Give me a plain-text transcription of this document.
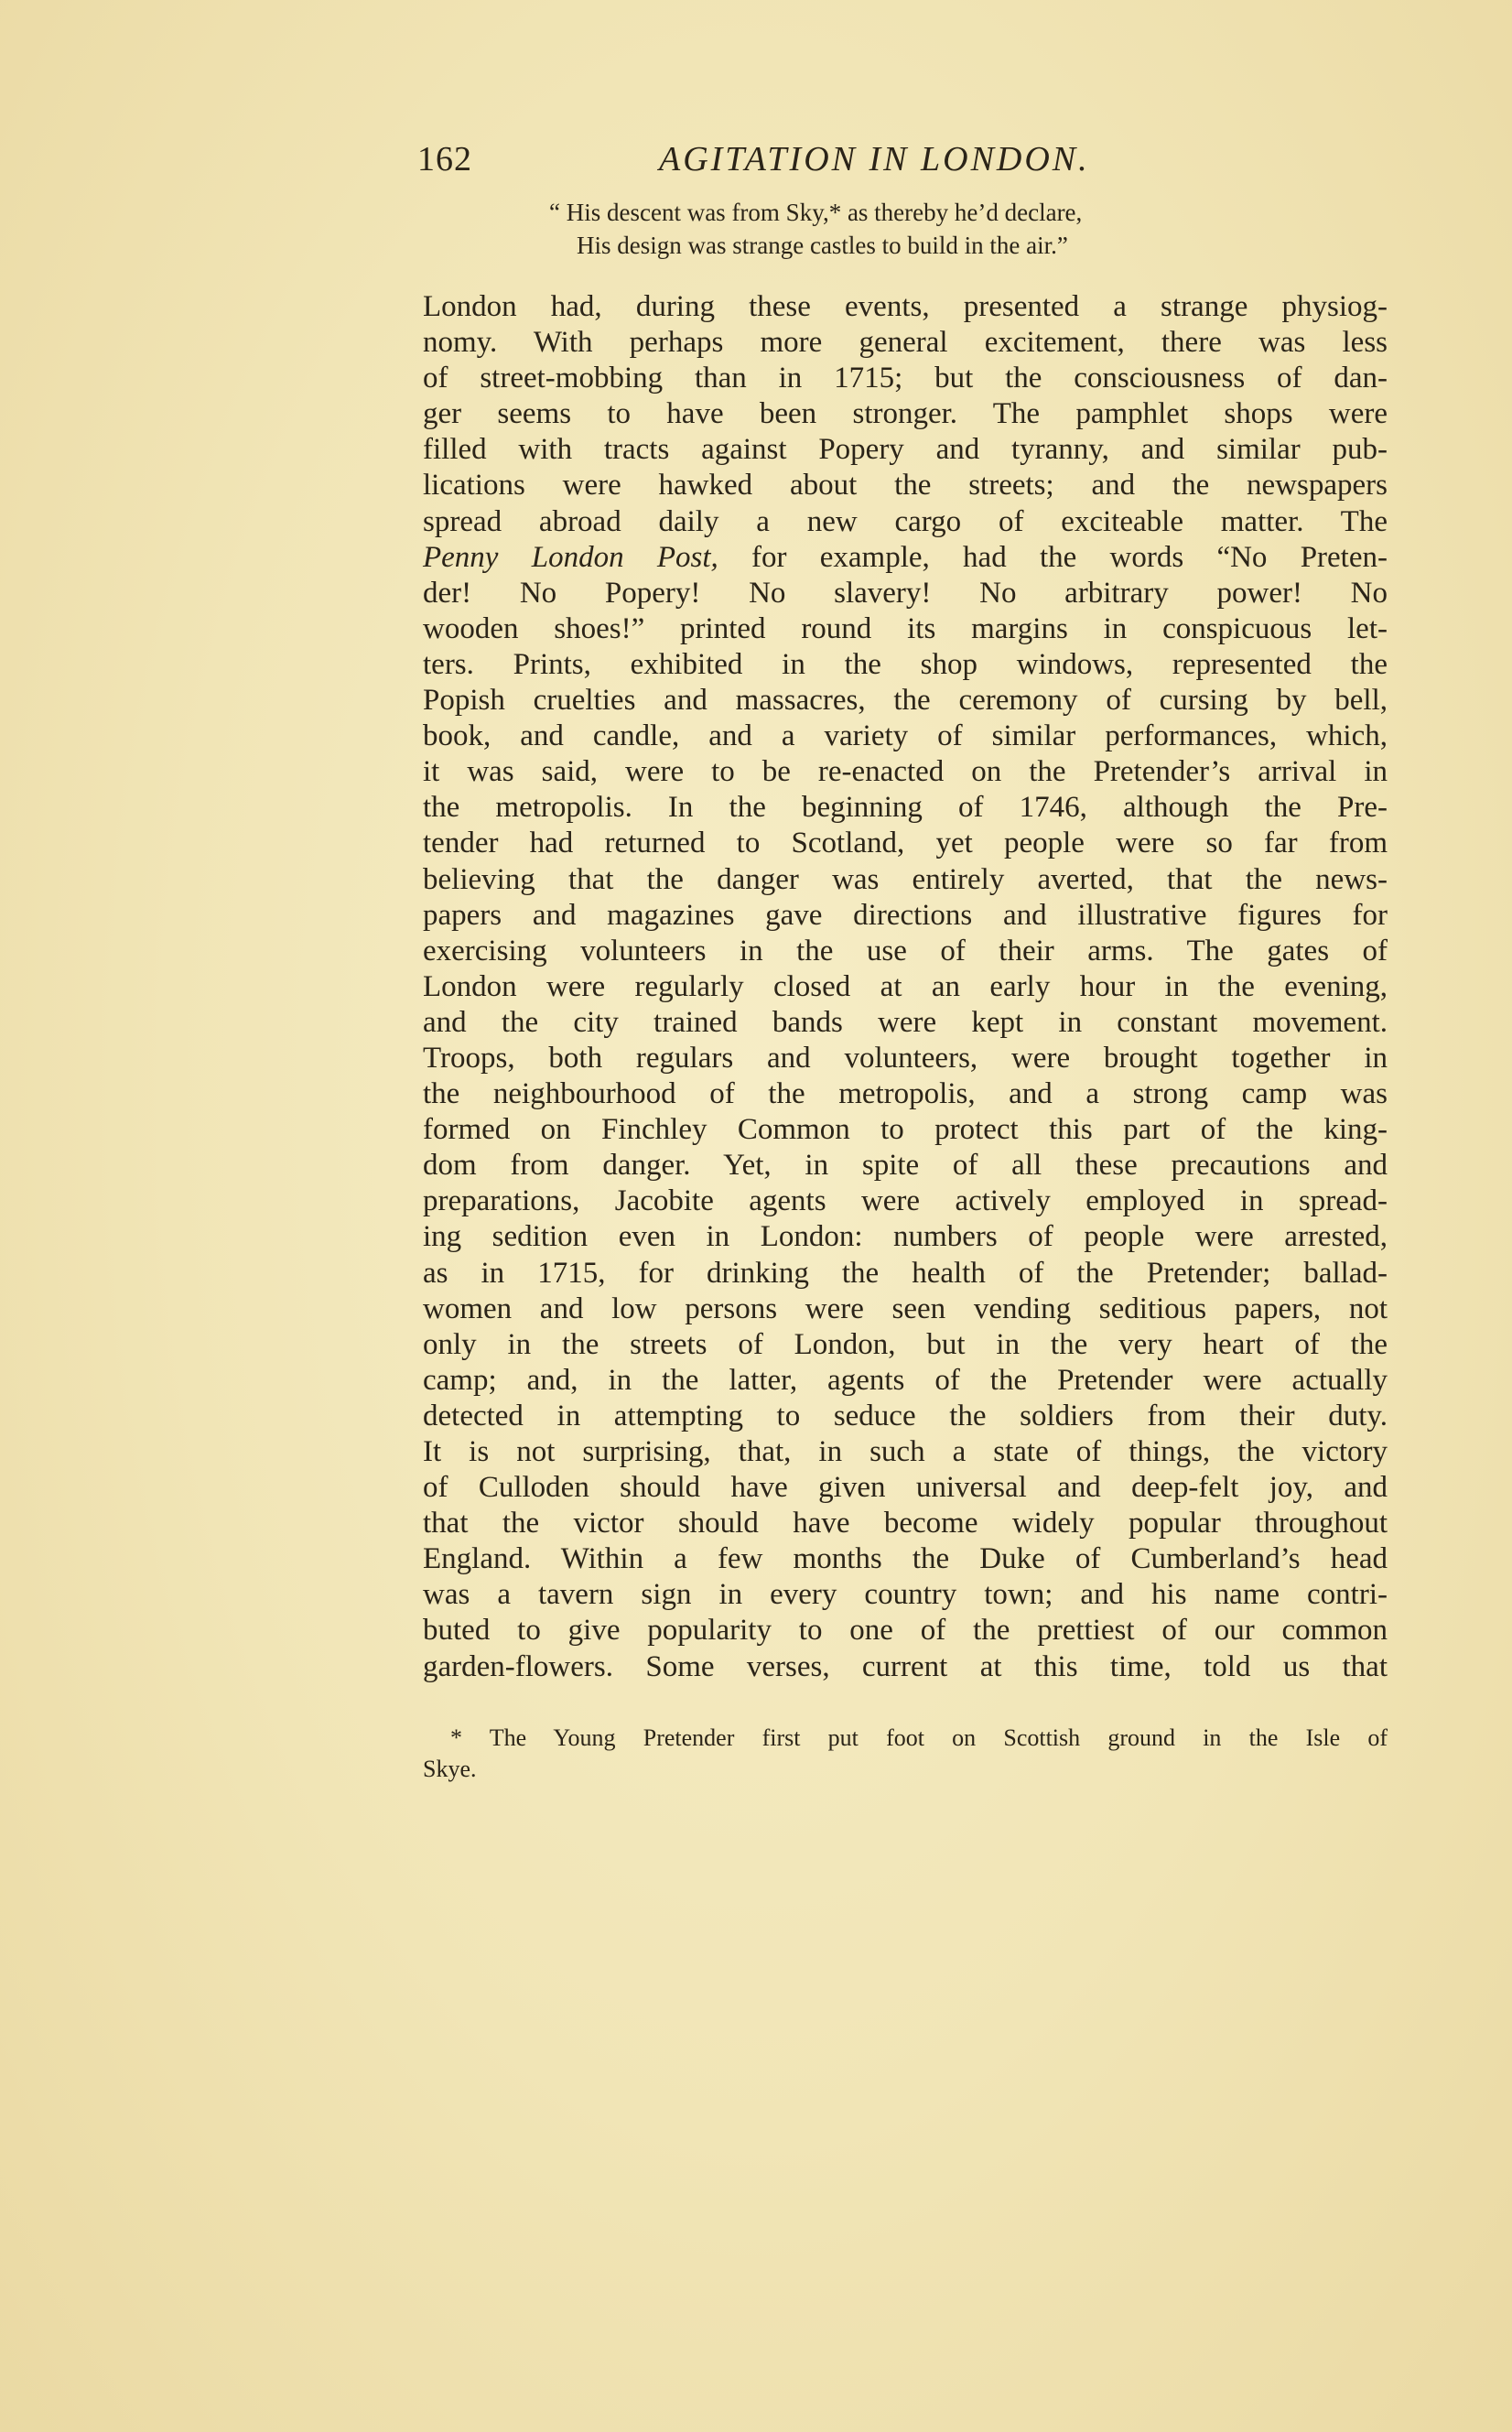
162	AGITATION IN LONDON.
“ His descent was from Sky,* as thereby he’d declare,
His design was strange castles to build in the air.”
London had, during these events, presented a strange physiog-
nomy. With perhaps more general excitement, there was less
of street-mobbing than in 1715; but the consciousness of dan-
ger seems to have been stronger. The pamphlet shops were
filled with tracts against Popery and tyranny, and similar pub-
lications were hawked about the streets; and the newspapers
spread abroad daily a new cargo of exciteable matter. The
Penny London Post, for example, had the words “No Preten-
der! No Popery! No slavery! No arbitrary power! No
wooden shoes!” printed round its margins in conspicuous let-
ters. Prints, exhibited in the shop windows, represented the
Popish cruelties and massacres, the ceremony of cursing by bell,
book, and candle, and a variety of similar performances, which,
it was said, were to be re-enacted on the Pretender’s arrival in
the metropolis. In the beginning of 1746, although the Pre-
tender had returned to Scotland, yet people were so far from
believing that the danger was entirely averted, that the news-
papers and magazines gave directions and illustrative figures for
exercising volunteers in the use of their arms. The gates of
London were regularly closed at an early hour in the evening,
and the city trained bands were kept in constant movement.
Troops, both regulars and volunteers, were brought together in
the neighbourhood of the metropolis, and a strong camp was
formed on Finchley Common to protect this part of the king-
dom from danger. Yet, in spite of all these precautions and
preparations, Jacobite agents were actively employed in spread-
ing sedition even in London: numbers of people were arrested,
as in 1715, for drinking the health of the Pretender; ballad-
women and low persons were seen vending seditious papers, not
only in the streets of London, but in the very heart of the
camp; and, in the latter, agents of the Pretender were actually
detected in attempting to seduce the soldiers from their duty.
It is not surprising, that, in such a state of things, the victory
of Culloden should have given universal and deep-felt joy, and
that the victor should have become widely popular throughout
England. Within a few months the Duke of Cumberland’s head
was a tavern sign in every country town; and his name contri-
buted to give popularity to one of the prettiest of our common
garden-flowers. Some verses, current at this time, told us that
* The Young Pretender first put foot on Scottish ground in the Isle of
Skye.
